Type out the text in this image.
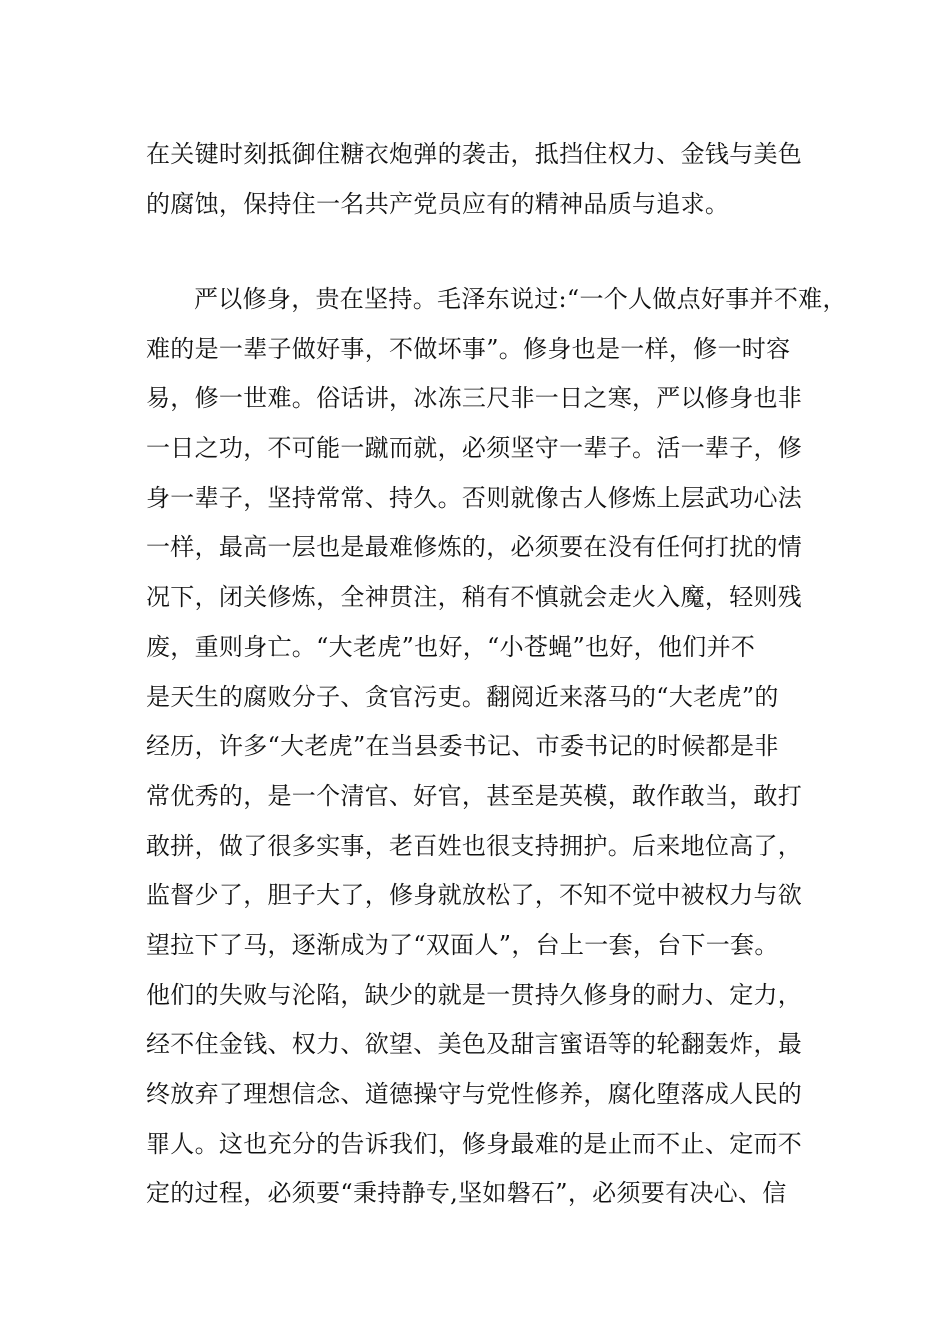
在关键时刻抵御住糖衣炮弹的袭击，抵挡住权力、金钱与美色
的腐蚀，保持住一名共产党员应有的精神品质与追求。
严以修身，贵在坚持。毛泽东说过:“一个人做点好事并不难，
难的是一辈子做好事，不做坏事”。修身也是一样，修一时容
易，修一世难。俗话讲，冰冻三尺非一日之寒，严以修身也非
一日之功，不可能一蹴而就，必须坚守一辈子。活一辈子，修
身一辈子，坚持常常、持久。否则就像古人修炼上层武功心法
一样，最高一层也是最难修炼的，必须要在没有任何打扰的情
况下，闭关修炼，全神贯注，稍有不慎就会走火入魔，轻则残
废，重则身亡。“大老虎”也好，“小苍蝇”也好，他们并不
是天生的腐败分子、贪官污吏。翻阅近来落马的“大老虎”的
经历，许多“大老虎”在当县委书记、市委书记的时候都是非
常优秀的，是一个清官、好官，甚至是英模，敢作敢当，敢打
敢拼，做了很多实事，老百姓也很支持拥护。后来地位高了，
监督少了，胆子大了，修身就放松了，不知不觉中被权力与欲
望拉下了马，逐渐成为了“双面人”，台上一套，台下一套。
他们的失败与沦陷，缺少的就是一贯持久修身的耐力、定力，
经不住金钱、权力、欲望、美色及甜言蜜语等的轮翻轰炸，最
终放弃了理想信念、道德操守与党性修养，腐化堕落成人民的
罪人。这也充分的告诉我们，修身最难的是止而不止、定而不
定的过程，必须要“秉持静专,坚如磐石”，必须要有决心、信
